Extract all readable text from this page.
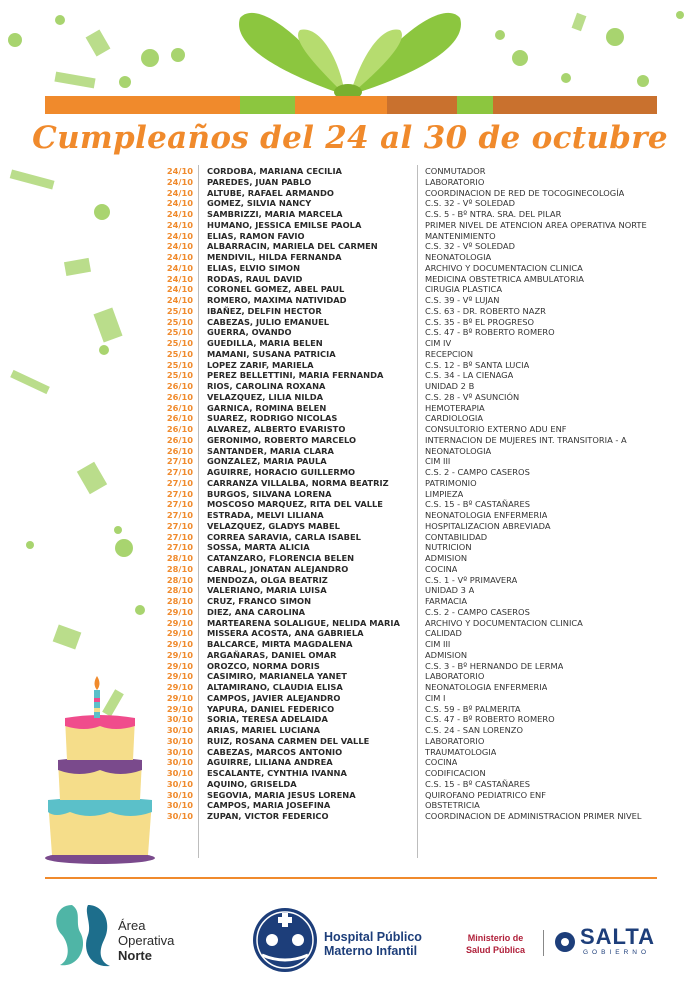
Cumpleaños del 24 al 30 de octubre
24/10	CORDOBA, MARIANA CECILIA	CONMUTADOR
24/10	PAREDES, JUAN PABLO	LABORATORIO
24/10	ALTUBE, RAFAEL ARMANDO	COORDINACION DE RED DE TOCOGINECOLOGÍA
24/10	GOMEZ, SILVIA NANCY	C.S. 32 - Vº SOLEDAD
24/10	SAMBRIZZI, MARIA MARCELA	C.S. 5 - Bº NTRA. SRA. DEL PILAR
24/10	HUMANO, JESSICA EMILSE PAOLA	PRIMER NIVEL DE ATENCION AREA OPERATIVA NORTE
24/10	ELIAS, RAMON FAVIO	MANTENIMIENTO
24/10	ALBARRACIN, MARIELA DEL CARMEN	C.S. 32 - Vº SOLEDAD
24/10	MENDIVIL, HILDA FERNANDA	NEONATOLOGIA
24/10	ELIAS, ELVIO SIMON	ARCHIVO Y DOCUMENTACION CLINICA
24/10	RODAS, RAUL DAVID	MEDICINA OBSTETRICA AMBULATORIA
24/10	CORONEL GOMEZ, ABEL PAUL	CIRUGIA PLASTICA
24/10	ROMERO, MAXIMA NATIVIDAD	C.S. 39 - Vº LUJAN
25/10	IBAÑEZ, DELFIN HECTOR	C.S. 63 - DR. ROBERTO NAZR
25/10	CABEZAS, JULIO EMANUEL	C.S. 35 - Bº EL PROGRESO
25/10	GUERRA, OVANDO	C.S. 47 - Bº ROBERTO ROMERO
25/10	GUEDILLA, MARIA BELEN	CIM IV
25/10	MAMANI, SUSANA PATRICIA	RECEPCION
25/10	LOPEZ ZARIF, MARIELA	C.S. 12 - Bº SANTA LUCIA
25/10	PEREZ BELLETTINI, MARIA FERNANDA	C.S. 34 - LA CIENAGA
26/10	RIOS, CAROLINA ROXANA	UNIDAD 2 B
26/10	VELAZQUEZ, LILIA NILDA	C.S. 28 - Vº ASUNCIÓN
26/10	GARNICA, ROMINA BELEN	HEMOTERAPIA
26/10	SUAREZ, RODRIGO NICOLAS	CARDIOLOGIA
26/10	ALVAREZ, ALBERTO EVARISTO	CONSULTORIO EXTERNO ADU ENF
26/10	GERONIMO, ROBERTO MARCELO	INTERNACION DE MUJERES INT. TRANSITORIA - A
26/10	SANTANDER, MARIA CLARA	NEONATOLOGIA
27/10	GONZALEZ, MARIA PAULA	CIM III
27/10	AGUIRRE, HORACIO GUILLERMO	C.S. 2 - CAMPO CASEROS
27/10	CARRANZA VILLALBA, NORMA BEATRIZ	PATRIMONIO
27/10	BURGOS, SILVANA LORENA	LIMPIEZA
27/10	MOSCOSO MARQUEZ, RITA DEL VALLE	C.S. 15 - Bº CASTAÑARES
27/10	ESTRADA, MELVI LILIANA	NEONATOLOGIA ENFERMERIA
27/10	VELAZQUEZ, GLADYS MABEL	HOSPITALIZACION ABREVIADA
27/10	CORREA SARAVIA, CARLA ISABEL	CONTABILIDAD
27/10	SOSSA, MARTA ALICIA	NUTRICION
28/10	CATANZARO, FLORENCIA BELEN	ADMISION
28/10	CABRAL, JONATAN ALEJANDRO	COCINA
28/10	MENDOZA, OLGA BEATRIZ	C.S. 1 - Vº PRIMAVERA
28/10	VALERIANO, MARIA LUISA	UNIDAD 3 A
28/10	CRUZ, FRANCO SIMON	FARMACIA
29/10	DIEZ, ANA CAROLINA	C.S. 2 - CAMPO CASEROS
29/10	MARTEARENA SOLALIGUE, NELIDA MARIA	ARCHIVO Y DOCUMENTACION CLINICA
29/10	MISSERA ACOSTA, ANA GABRIELA	CALIDAD
29/10	BALCARCE, MIRTA MAGDALENA	CIM III
29/10	ARGAÑARAS, DANIEL OMAR	ADMISION
29/10	OROZCO, NORMA DORIS	C.S. 3 - Bº HERNANDO DE LERMA
29/10	CASIMIRO, MARIANELA YANET	LABORATORIO
29/10	ALTAMIRANO, CLAUDIA ELISA	NEONATOLOGIA ENFERMERIA
29/10	CAMPOS, JAVIER ALEJANDRO	CIM I
29/10	YAPURA, DANIEL FEDERICO	C.S. 59 - Bº PALMERITA
30/10	SORIA, TERESA ADELAIDA	C.S. 47 - Bº ROBERTO ROMERO
30/10	ARIAS, MARIEL LUCIANA	C.S. 24 - SAN LORENZO
30/10	RUIZ, ROSANA CARMEN DEL VALLE	LABORATORIO
30/10	CABEZAS, MARCOS ANTONIO	TRAUMATOLOGIA
30/10	AGUIRRE, LILIANA ANDREA	COCINA
30/10	ESCALANTE, CYNTHIA IVANNA	CODIFICACION
30/10	AQUINO, GRISELDA	C.S. 15 - Bº CASTAÑARES
30/10	SEGOVIA, MARIA JESUS LORENA	QUIROFANO PEDIATRICO ENF
30/10	CAMPOS, MARIA JOSEFINA	OBSTETRICIA
30/10	ZUPAN, VICTOR FEDERICO	COORDINACION DE ADMINISTRACION PRIMER NIVEL
Área
Operativa
Norte
Hospital Público
Materno Infantil
Ministerio de
Salud Pública
SALTA
GOBIERNO
